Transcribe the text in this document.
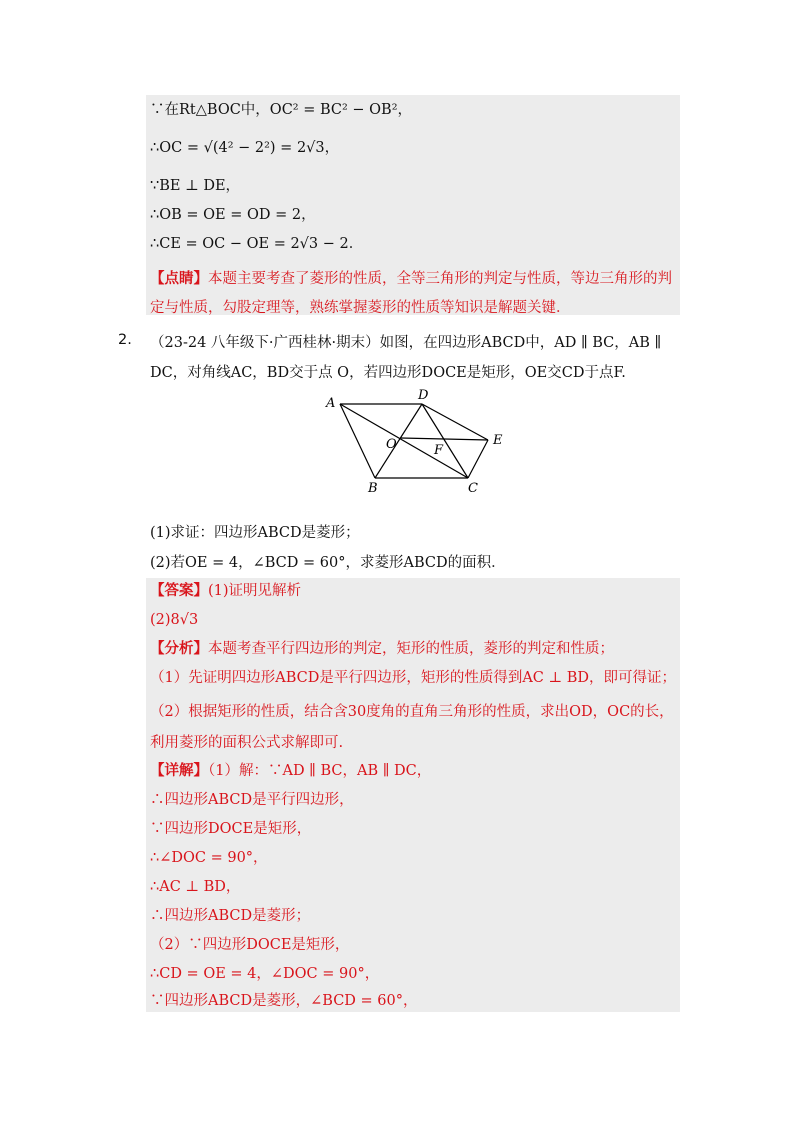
∵在Rt△BOC中，OC² = BC² − OB²，
∴OC = √(4² − 2²) = 2√3，
∵BE ⊥ DE，
∴OB = OE = OD = 2，
∴CE = OC − OE = 2√3 − 2．
【点睛】本题主要考查了菱形的性质，全等三角形的判定与性质，等边三角形的判定与性质，勾股定理等，熟练掌握菱形的性质等知识是解题关键．
2. （23-24 八年级下·广西桂林·期末）如图，在四边形ABCD中，AD ∥ BC，AB ∥ DC，对角线AC，BD交于点 O，若四边形DOCE是矩形，OE交CD于点F.
A
D
E
O	F
B	C
(1)求证：四边形ABCD是菱形；
(2)若OE = 4，∠BCD = 60°，求菱形ABCD的面积．
【答案】(1)证明见解析
(2)8√3
【分析】本题考查平行四边形的判定，矩形的性质，菱形的判定和性质；
（1）先证明四边形ABCD是平行四边形，矩形的性质得到AC ⊥ BD，即可得证；
（2）根据矩形的性质，结合含30度角的直角三角形的性质，求出OD，OC的长，利用菱形的面积公式求解即可.
【详解】（1）解：∵AD ∥ BC，AB ∥ DC，
∴四边形ABCD是平行四边形，
∵四边形DOCE是矩形，
∴∠DOC = 90°，
∴AC ⊥ BD，
∴四边形ABCD是菱形；
（2）∵四边形DOCE是矩形，
∴CD = OE = 4，∠DOC = 90°，
∵四边形ABCD是菱形，∠BCD = 60°，
